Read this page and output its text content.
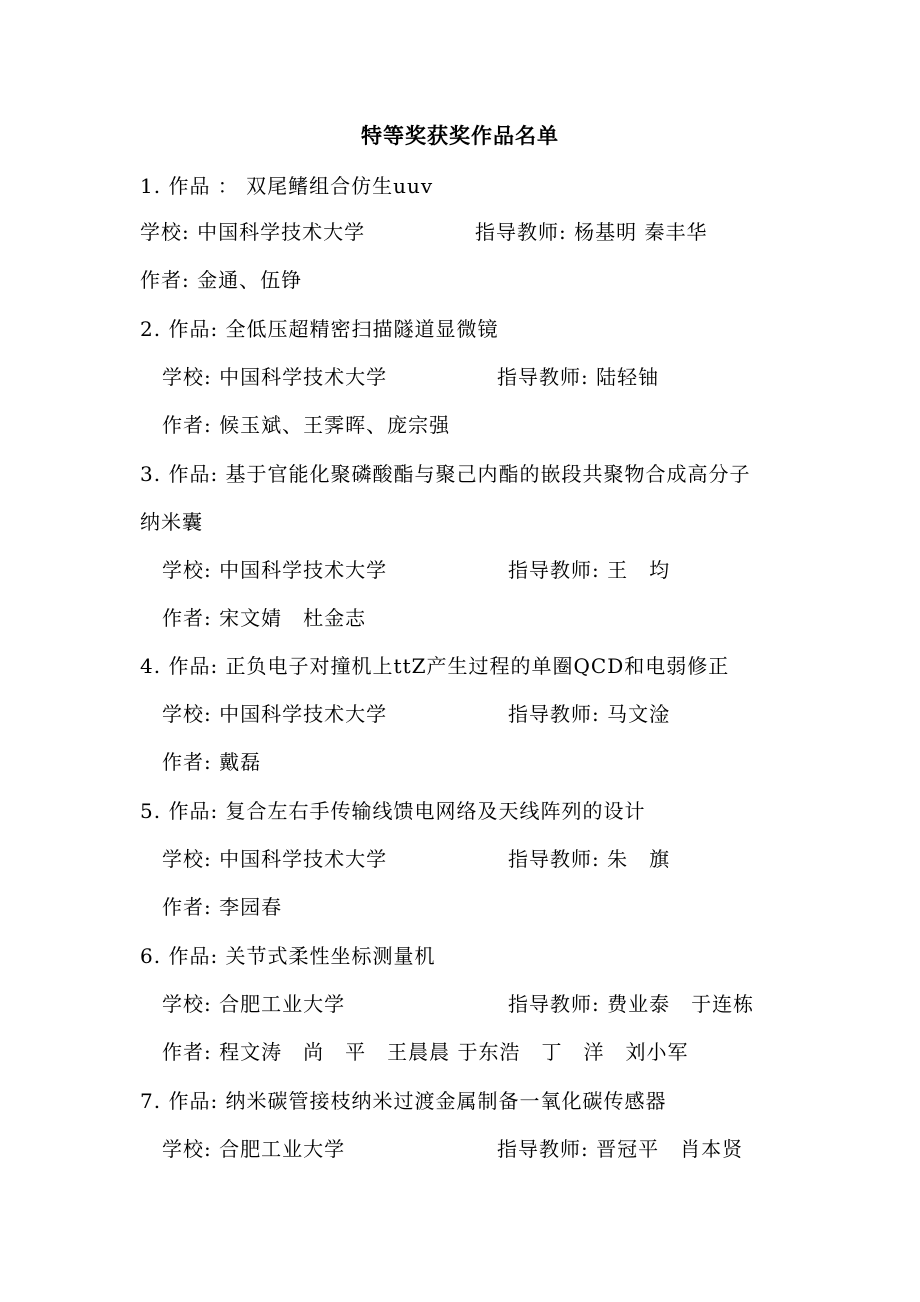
特等奖获奖作品名单
1. 作品 ： 双尾鳍组合仿生uuv
学校: 中国科学技术大学	指导教师: 杨基明 秦丰华
作者: 金通、伍铮
2. 作品: 全低压超精密扫描隧道显微镜
学校: 中国科学技术大学	指导教师: 陆轻铀
作者: 候玉斌、王霁晖、庞宗强
3. 作品: 基于官能化聚磷酸酯与聚己内酯的嵌段共聚物合成高分子
纳米囊
学校: 中国科学技术大学	指导教师: 王　均
作者: 宋文婧　杜金志
4. 作品: 正负电子对撞机上ttZ产生过程的单圈QCD和电弱修正
学校: 中国科学技术大学	指导教师: 马文淦
作者: 戴磊
5. 作品: 复合左右手传输线馈电网络及天线阵列的设计
学校: 中国科学技术大学	指导教师: 朱　旗
作者: 李园春
6. 作品: 关节式柔性坐标测量机
学校: 合肥工业大学	指导教师: 费业泰　于连栋
作者: 程文涛　尚　平　王晨晨 于东浩　丁　洋　刘小军
7. 作品: 纳米碳管接枝纳米过渡金属制备一氧化碳传感器
学校: 合肥工业大学	指导教师: 晋冠平　肖本贤
